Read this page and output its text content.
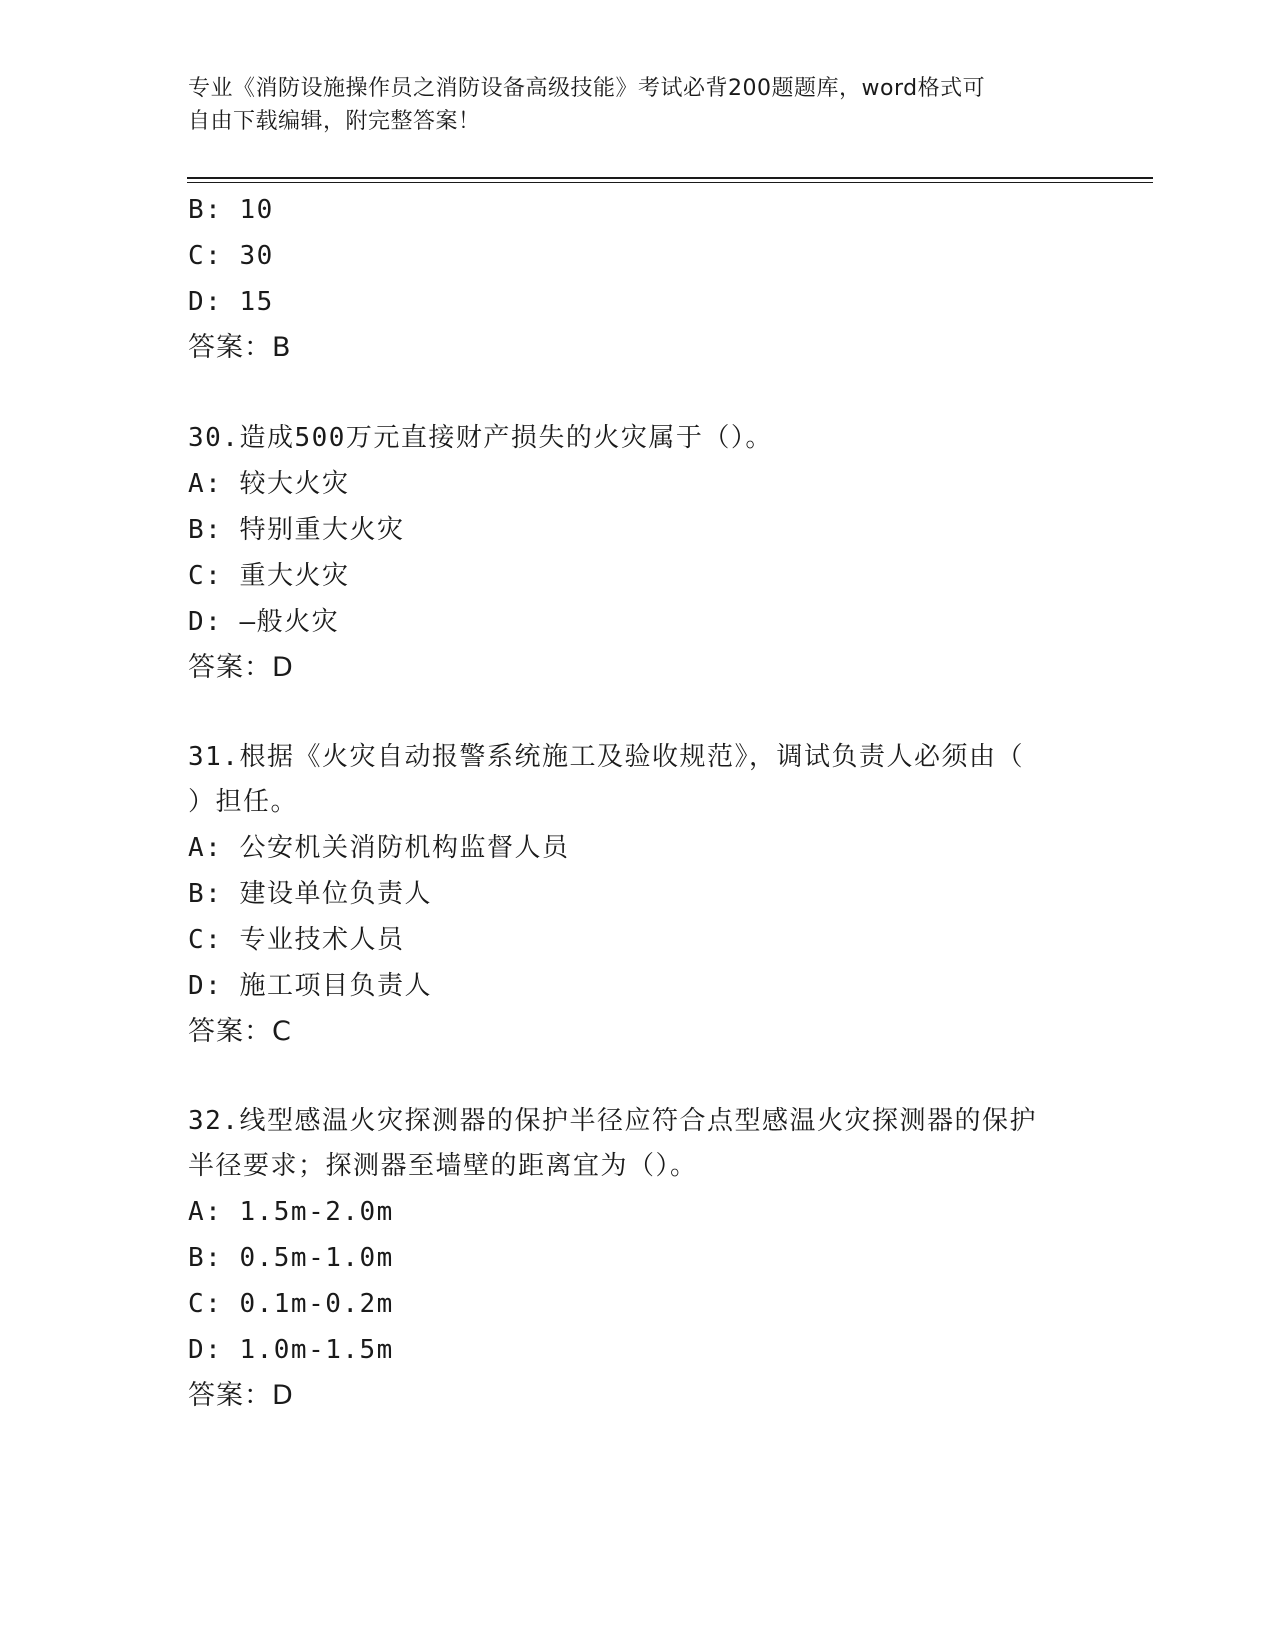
专业《消防设施操作员之消防设备高级技能》考试必背200题题库，word格式可
自由下载编辑，附完整答案！
B: 10
C: 30
D: 15
答案：B
30.造成500万元直接财产损失的火灾属于（）。
A: 较大火灾
B: 特别重大火灾
C: 重大火灾
D: —般火灾
答案：D
31.根据《火灾自动报警系统施工及验收规范》，调试负责人必须由（
）担任。
A: 公安机关消防机构监督人员
B: 建设单位负责人
C: 专业技术人员
D: 施工项目负责人
答案：C
32.线型感温火灾探测器的保护半径应符合点型感温火灾探测器的保护
半径要求；探测器至墙壁的距离宜为（）。
A: 1.5m-2.0m
B: 0.5m-1.0m
C: 0.1m-0.2m
D: 1.0m-1.5m
答案：D
